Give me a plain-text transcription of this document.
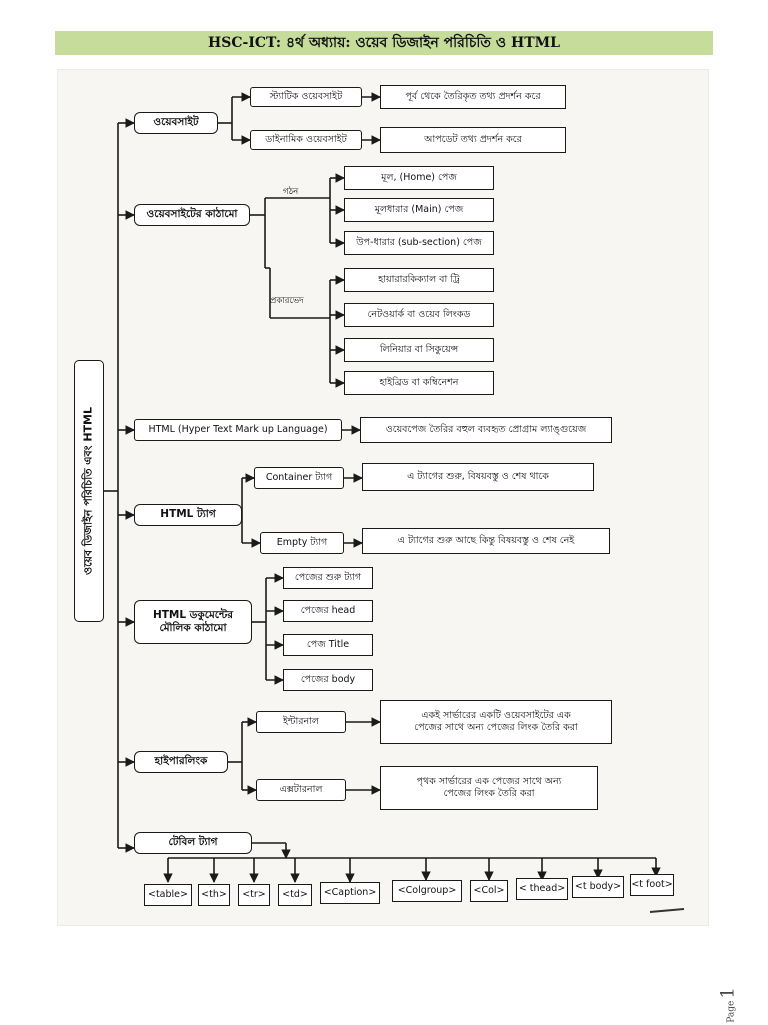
HSC-ICT: ৪র্থ অধ্যায়: ওয়েব ডিজাইন পরিচিতি ও HTML
ওয়েব ডিজাইন পরিচিতি এবং HTML
ওয়েবসাইট
স্ট্যাটিক ওয়েবসাইট	পূর্ব থেকে তৈরিকৃত তথ্য প্রদর্শন করে
ডাইনামিক ওয়েবসাইট	আপডেট তথ্য প্রদর্শন করে
ওয়েবসাইটের কাঠামো
গঠন
মূল, (Home) পেজ
মূলধারার (Main) পেজ
উপ-ধারার (sub-section) পেজ
প্রকারভেদ
হায়ারারকিক্যাল বা ট্রি
নেটওয়ার্ক বা ওয়েব লিংকড
লিনিয়ার বা সিকুয়েন্স
হাইব্রিড বা কম্বিনেশন
HTML (Hyper Text Mark up Language)	ওয়েবপেজ তৈরির বহুল ব্যবহৃত প্রোগ্রাম ল্যাঙ্গুয়েজ
HTML ট্যাগ
Container ট্যাগ	এ ট্যাগের শুরু, বিষয়বস্তু ও শেষ থাকে
Empty ট্যাগ	এ ট্যাগের শুরু আছে কিন্তু বিষয়বস্তু ও শেষ নেই
HTML ডকুমেন্টের
মৌলিক কাঠামো
পেজের শুরু ট্যাগ
পেজের head
পেজ Title
পেজের body
হাইপারলিংক
ইন্টারনাল
একই সার্ভারের একটি ওয়েবসাইটের এক
পেজের সাথে অন্য পেজের লিংক তৈরি করা
এক্সটারনাল
পৃথক সার্ভারের এক পেজের সাথে অন্য
পেজের লিংক তৈরি করা
টেবিল ট্যাগ
<table>	<th>	<tr>	<td>	<Caption>	<Colgroup>	<Col>	< thead>	<t body>	<t foot>
Page1
